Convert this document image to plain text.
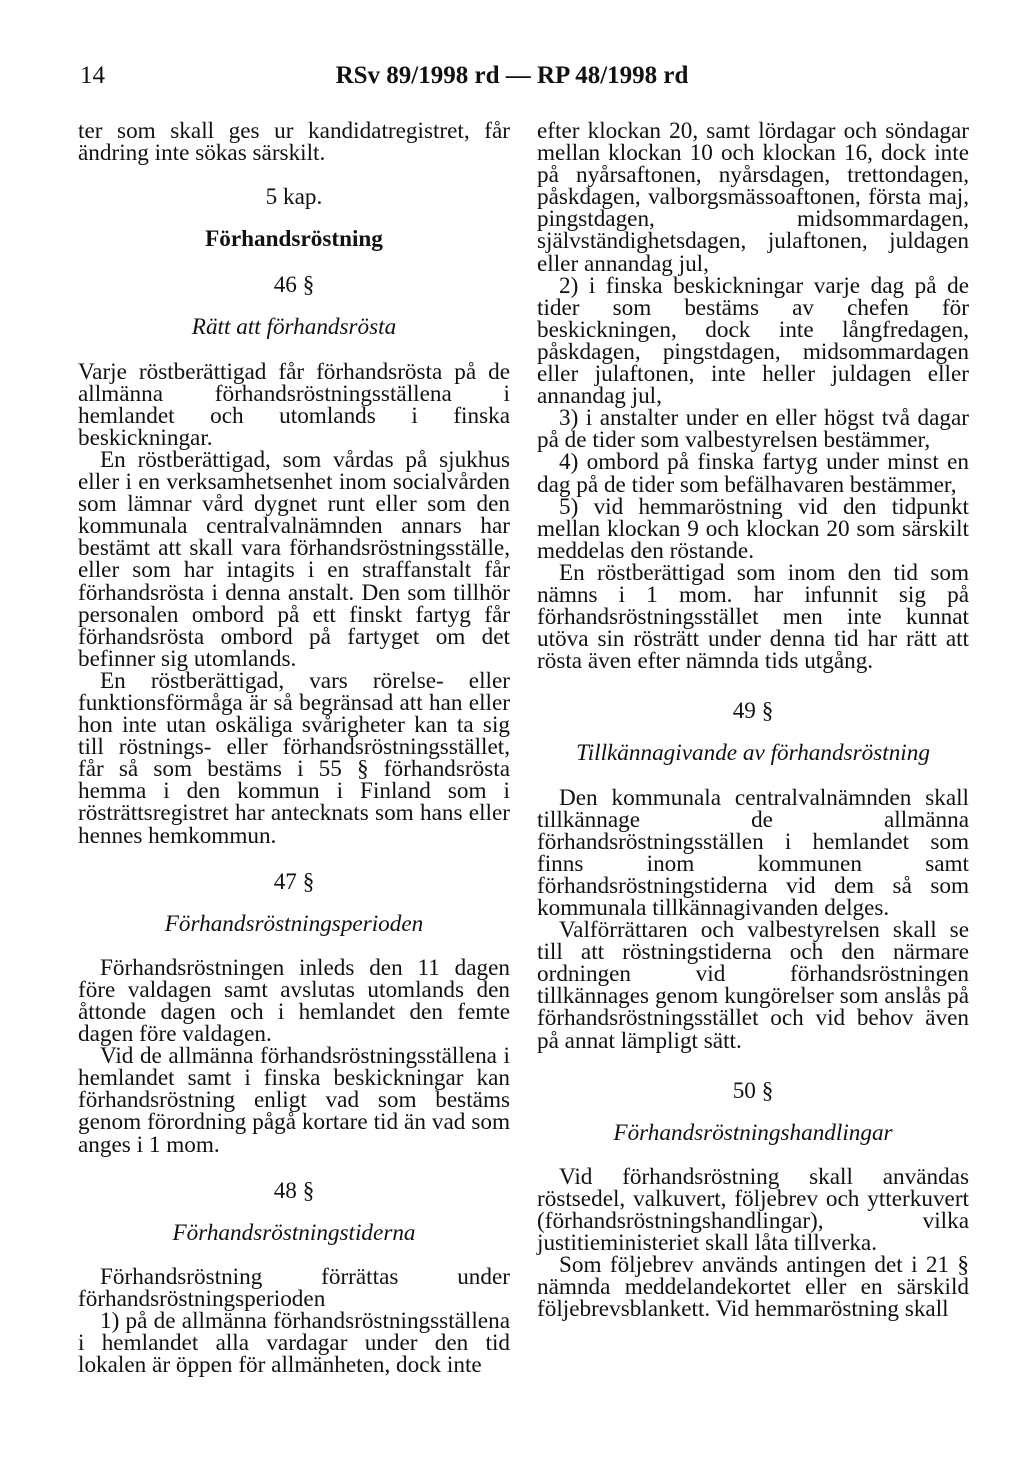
14	RSv 89/1998 rd — RP 48/1998 rd

ter som skall ges ur kandidatregistret, får ändring inte sökas särskilt.

5 kap.
Förhandsröstning
46 §
Rätt att förhandsrösta

Varje röstberättigad får förhandsrösta på de allmänna förhandsröstningsställena i hemlandet och utomlands i finska beskickningar.

En röstberättigad, som vårdas på sjukhus eller i en verksamhetsenhet inom socialvården som lämnar vård dygnet runt eller som den kommunala centralvalnämnden annars har bestämt att skall vara förhandsröstningsställe, eller som har intagits i en straffanstalt får förhandsrösta i denna anstalt. Den som tillhör personalen ombord på ett finskt fartyg får förhandsrösta ombord på fartyget om det befinner sig utomlands.

En röstberättigad, vars rörelse- eller funktionsförmåga är så begränsad att han eller hon inte utan oskäliga svårigheter kan ta sig till röstnings- eller förhandsröstningsstället, får så som bestäms i 55 § förhandsrösta hemma i den kommun i Finland som i rösträttsregistret har antecknats som hans eller hennes hemkommun.

47 §
Förhandsröstningsperioden

Förhandsröstningen inleds den 11 dagen före valdagen samt avslutas utomlands den åttonde dagen och i hemlandet den femte dagen före valdagen.

Vid de allmänna förhandsröstningsställena i hemlandet samt i finska beskickningar kan förhandsröstning enligt vad som bestäms genom förordning pågå kortare tid än vad som anges i 1 mom.

48 §
Förhandsröstningstiderna

Förhandsröstning förrättas under förhandsröstningsperioden

1) på de allmänna förhandsröstningsställena i hemlandet alla vardagar under den tid lokalen är öppen för allmänheten, dock inte

efter klockan 20, samt lördagar och söndagar mellan klockan 10 och klockan 16, dock inte på nyårsaftonen, nyårsdagen, trettondagen, påskdagen, valborgsmässoaftonen, första maj, pingstdagen, midsommardagen, självständighetsdagen, julaftonen, juldagen eller annandag jul,

2) i finska beskickningar varje dag på de tider som bestäms av chefen för beskickningen, dock inte långfredagen, påskdagen, pingstdagen, midsommardagen eller julaftonen, inte heller juldagen eller annandag jul,

3) i anstalter under en eller högst två dagar på de tider som valbestyrelsen bestämmer,

4) ombord på finska fartyg under minst en dag på de tider som befälhavaren bestämmer,

5) vid hemmaröstning vid den tidpunkt mellan klockan 9 och klockan 20 som särskilt meddelas den röstande.

En röstberättigad som inom den tid som nämns i 1 mom. har infunnit sig på förhandsröstningsstället men inte kunnat utöva sin rösträtt under denna tid har rätt att rösta även efter nämnda tids utgång.

49 §
Tillkännagivande av förhandsröstning

Den kommunala centralvalnämnden skall tillkännage de allmänna förhandsröstningsställen i hemlandet som finns inom kommunen samt förhandsröstningstiderna vid dem så som kommunala tillkännagivanden delges.

Valförrättaren och valbestyrelsen skall se till att röstningstiderna och den närmare ordningen vid förhandsröstningen tillkännages genom kungörelser som anslås på förhandsröstningsstället och vid behov även på annat lämpligt sätt.

50 §
Förhandsröstningshandlingar

Vid förhandsröstning skall användas röstsedel, valkuvert, följebrev och ytterkuvert (förhandsröstningshandlingar), vilka justitieministeriet skall låta tillverka.

Som följebrev används antingen det i 21 § nämnda meddelandekortet eller en särskild följebrevsblankett. Vid hemmaröstning skall
